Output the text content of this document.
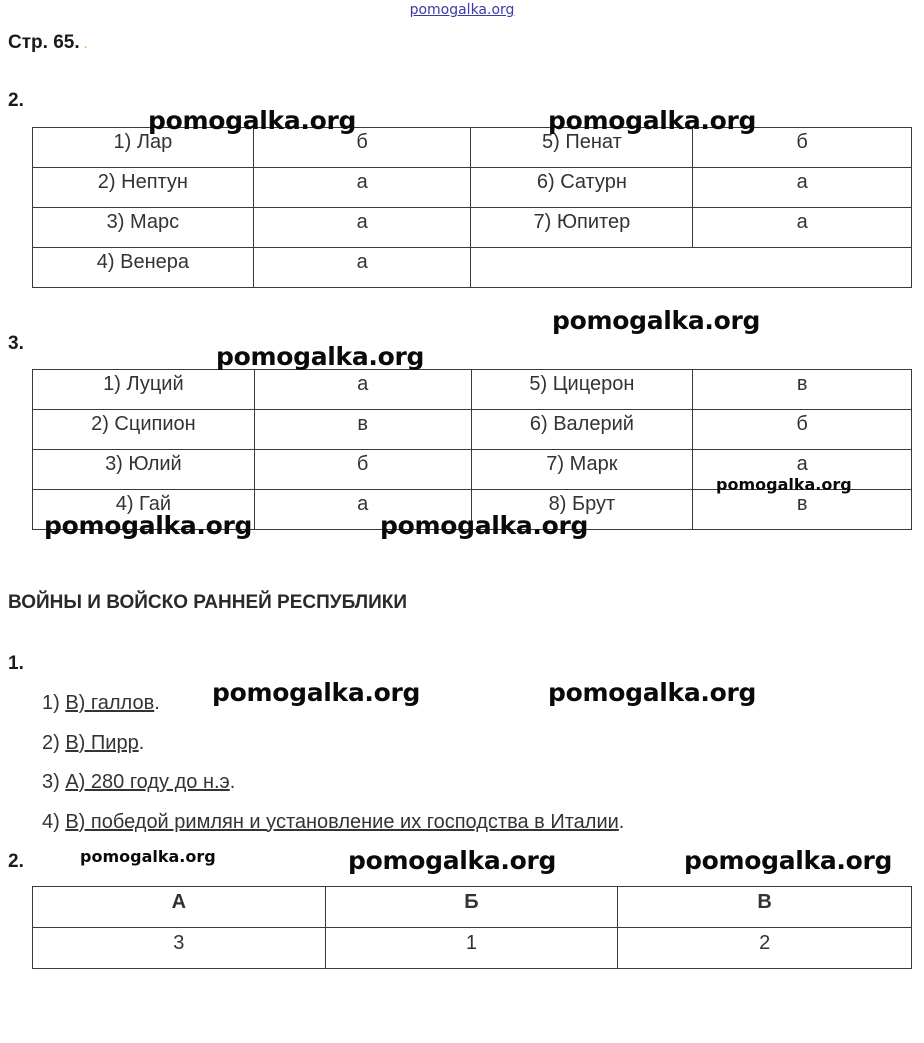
pomogalka.org
Стр. 65. .
2.
1) Лар	б	5) Пенат	б
2) Нептун	а	6) Сатурн	а
3) Марс	а	7) Юпитер	а
4) Венера	а		
3.
1) Луций	а	5) Цицерон	в
2) Сципион	в	6) Валерий	б
3) Юлий	б	7) Марк	а
4) Гай	а	8) Брут	в
ВОЙНЫ И ВОЙСКО РАННЕЙ РЕСПУБЛИКИ
1.
1) В) галлов.
2) В) Пирр.
3) А) 280 году до н.э.
4) В) победой римлян и установление их господства в Италии.
2.
А	Б	В
3	1	2
pomogalka.org	pomogalka.org
pomogalka.org
pomogalka.org
pomogalka.org
pomogalka.org	pomogalka.org
pomogalka.org	pomogalka.org
pomogalka.org	pomogalka.org	pomogalka.org
